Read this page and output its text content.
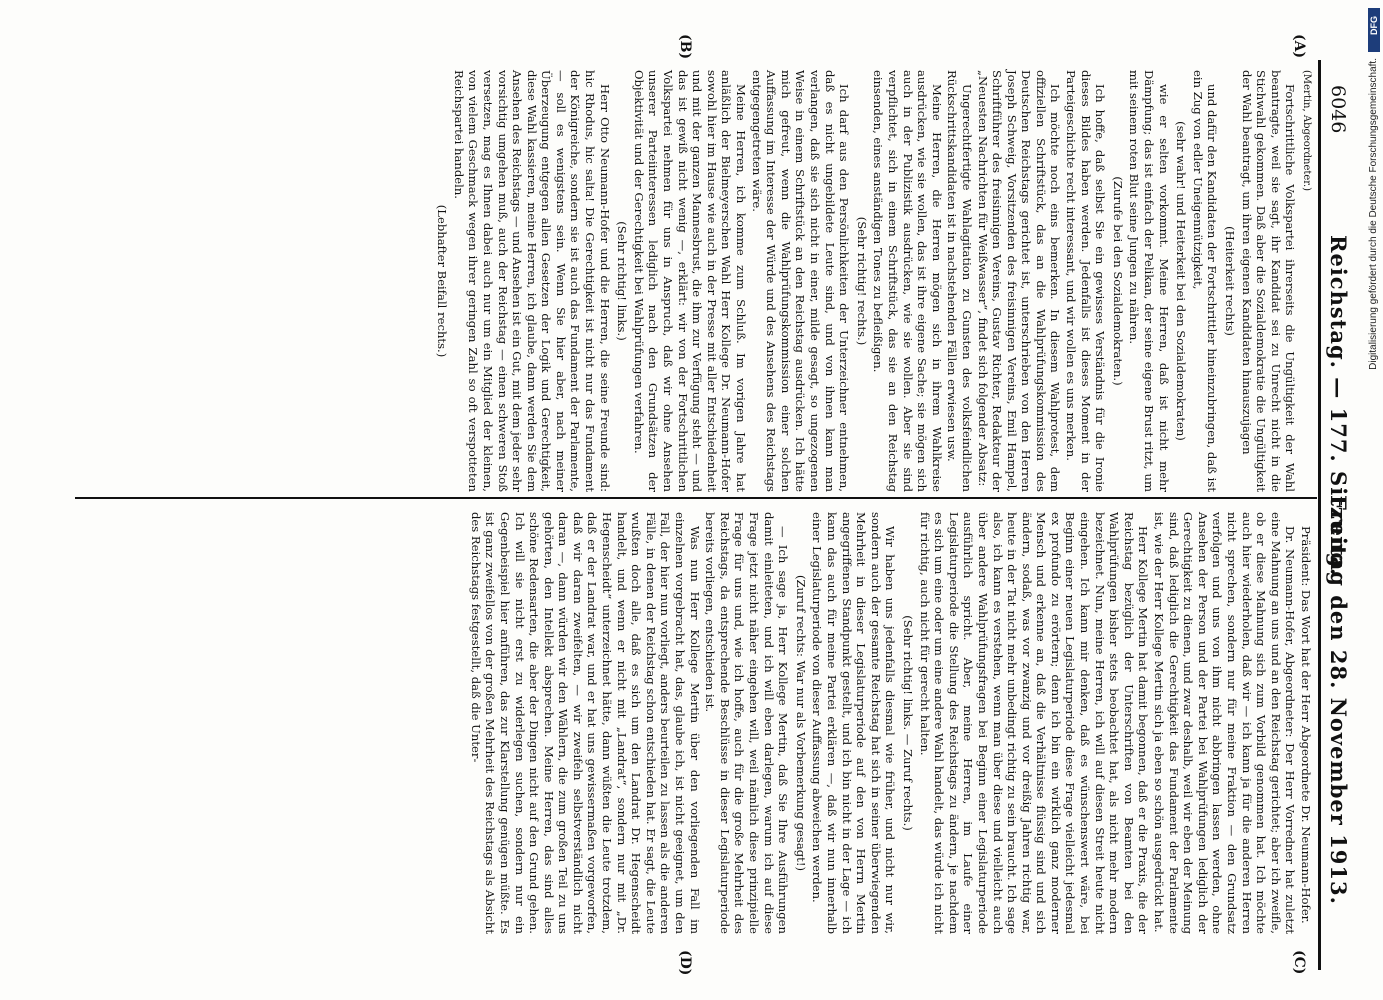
6046
Reichstag. — 177. Sitzung.
Freitag den 28. November 1913.
(A)
(B)
(C)
(D)

(Mertin, Abgeordneter.)

Fortschrittliche Volkspartei ihrerseits die Ungültigkeit der Wahl beantragte, weil sie sagt, ihr Kandidat sei zu Unrecht nicht in die Stichwahl gekommen. Daß aber die Sozialdemokratie die Ungültigkeit der Wahl beantragt, um ihren eigenen Kandidaten hinauszujagen

(Heiterkeit rechts)

und dafür den Kandidaten der Fortschrittler hineinzubringen, daß ist ein Zug von edler Uneigennützigkeit,

(sehr wahr! und Heiterkeit bei den Sozialdemokraten)

wie er selten vorkommt. Meine Herren, daß ist nicht mehr Dämpfung; das ist einfach der Pelikan, der seine eigene Brust ritzt, um mit seinem roten Blut seine Jungen zu nähren.

(Zurufe bei den Sozialdemokraten.)

Ich hoffe, daß selbst Sie ein gewisses Verständnis für die Ironie dieses Bildes haben werden. Jedenfalls ist dieses Moment in der Parteigeschichte recht interessant, und wir wollen es uns merken.

Ich möchte noch eins bemerken. In diesem Wahlprotest, dem offiziellen Schriftstück, das an die Wahlprüfungskommission des Deutschen Reichstags gerichtet ist, unterschrieben von den Herren Joseph Schweig, Vorsitzenden des freisinnigen Vereins, Emil Hampel, Schriftführer des freisinnigen Vereins, Gustav Richter, Redakteur der „Neuesten Nachrichten für Weißwasser“, findet sich folgender Absatz:

Ungerechtfertigte Wahlagitation zu Gunsten des volksfeindlichen Rückschrittskandidaten ist in nachstehenden Fällen erwiesen usw.

Meine Herren, die Herren mögen sich in ihrem Wahlkreise ausdrücken, wie sie wollen, das ist ihre eigene Sache; sie mögen sich auch in der Publizistik ausdrücken, wie sie wollen. Aber sie sind verpflichtet, sich in einem Schriftstück, das sie an den Reichstag einsenden, eines anständigen Tones zu befleißigen.

(Sehr richtig! rechts.)

Ich darf aus den Persönlichkeiten der Unterzeichner entnehmen, daß es nicht ungebildete Leute sind, und von ihnen kann man verlangen, daß sie sich nicht in einer, milde gesagt, so ungezogenen Weise in einem Schriftstück an den Reichstag ausdrücken. Ich hätte mich gefreut, wenn die Wahlprüfungskommission einer solchen Auffassung im Interesse der Würde und des Ansehens des Reichstags entgegengetreten wäre.

Meine Herren, ich komme zum Schluß. Im vorigen Jahre hat anläßlich der Bielmeyerschen Wahl Herr Kollege Dr. Neumann-Hofer sowohl hier im Hause wie auch in der Presse mit aller Entschiedenheit und mit der ganzen Mannesbrust, die ihm zur Verfügung steht — und das ist gewiß nicht wenig —, erklärt: wir von der Fortschrittlichen Volkspartei nehmen für uns in Anspruch, daß wir ohne Ansehen unserer Parteiinteressen lediglich nach den Grundsätzen der Objektivität und der Gerechtigkeit bei Wahlprüfungen verfahren.

(Sehr richtig! links.)

Herr Otto Neumann-Hofer und die Herren, die seine Freunde sind: hic Rhodus, hic salta! Die Gerechtigkeit ist nicht nur das Fundament der Königreiche, sondern sie ist auch das Fundament der Parlamente, — soll es wenigstens sein. Wenn Sie hier aber, nach meiner Überzeugung entgegen allen Gesetzen der Logik und Gerechtigkeit, diese Wahl kassieren, meine Herren, ich glaube, dann werden Sie dem Ansehen des Reichstags — und Ansehen ist ein Gut, mit dem jeder sehr vorsichtig umgehen muß, auch der Reichstag — einen schweren Stoß versetzen, mag es Ihnen dabei auch nur um ein Mitglied der kleinen, von vielem Geschmack wegen ihrer geringen Zahl so oft verspotteten Reichspartei handeln.

(Lebhafter Beifall rechts.)

Präsident: Das Wort hat der Herr Abgeordnete Dr. Neumann-Hofer.

Dr. Neumann-Hofer, Abgeordneter: Der Herr Vorredner hat zuletzt eine Mahnung an uns und an den Reichstag gerichtet; aber ich zweifle, ob er diese Mahnung sich zum Vorbild genommen hat. Ich möchte auch hier wiederholen, daß wir — ich kann ja für die anderen Herren nicht sprechen, sondern nur für meine Fraktion — den Grundsatz verfolgen und uns von ihm nicht abbringen lassen werden, ohne Ansehen der Person und der Partei bei Wahlprüfungen lediglich der Gerechtigkeit zu dienen, und zwar deshalb, weil wir eben der Meinung sind, daß lediglich die Gerechtigkeit das Fundament der Parlamente ist, wie der Herr Kollege Mertin sich ja eben so schön ausgedrückt hat.

Herr Kollege Mertin hat damit begonnen, daß er die Praxis, die der Reichstag bezüglich der Unterschriften von Beamten bei den Wahlprüfungen bisher stets beobachtet hat, als nicht mehr modern bezeichnet. Nun, meine Herren, ich will auf diesen Streit heute nicht eingehen. Ich kann mir denken, daß es wünschenswert wäre, bei Beginn einer neuen Legislaturperiode diese Frage vielleicht jedesmal ex profundo zu erörtern; denn ich bin ein wirklich ganz moderner Mensch und erkenne an, daß die Verhältnisse flüssig sind und sich ändern, sodaß, was vor zwanzig und vor dreißig Jahren richtig war, heute in der Tat nicht mehr unbedingt richtig zu sein braucht. Ich sage also, ich kann es verstehen, wenn man über diese und vielleicht auch über andere Wahlprüfungsfragen bei Beginn einer Legislaturperiode ausführlich spricht. Aber, meine Herren, im Laufe einer Legislaturperiode die Stellung des Reichstags zu ändern, je nachdem es sich um eine oder um eine andere Wahl handelt, das würde ich nicht für richtig, auch nicht für gerecht halten.

(Sehr richtig! links. — Zuruf rechts.)

Wir haben uns jedenfalls diesmal wie früher, und nicht nur wir, sondern auch der gesamte Reichstag hat sich in seiner überwiegenden Mehrheit in dieser Legislaturperiode auf den von Herrn Mertin angegriffenen Standpunkt gestellt, und ich bin nicht in der Lage — ich kann das auch für meine Partei erklären —, daß wir nun innerhalb einer Legislaturperiode von dieser Auffassung abweichen werden.

(Zuruf rechts: War nur als Vorbemerkung gesagt!)

— Ich sage ja, Herr Kollege Mertin, daß Sie Ihre Ausführungen damit einleiteten, und ich will eben darlegen, warum ich auf diese Frage jetzt nicht näher eingehen will, weil nämlich diese prinzipielle Frage für uns und, wie ich hoffe, auch für die große Mehrheit des Reichstags, da entsprechende Beschlüsse in dieser Legislaturperiode bereits vorliegen, entschieden ist.

Was nun Herr Kollege Mertin über den vorliegenden Fall im einzelnen vorgebracht hat, das, glaube ich, ist nicht geeignet, um den Fall, der hier nun vorliegt, anders beurteilen zu lassen als die anderen Fälle, in denen der Reichstag schon entschieden hat. Er sagt, die Leute wußten doch alle, daß es sich um den Landrat Dr. Hegenscheidt handelt, und wenn er nicht mit „Landrat“, sondern nur mit „Dr. Hegenscheidt“ unterzeichnet hätte, dann wüßten die Leute trotzdem, daß er der Landrat war, und er hat uns gewissermaßen vorgeworfen, daß wir daran zweifelten, — wir zweifeln selbstverständlich nicht daran —, dann würden wir den Wählern, die zum großen Teil zu uns gehörten, den Intellekt absprechen. Meine Herren, das sind alles schöne Redensarten, die aber der Dingen nicht auf den Grund gehen. Ich will sie nicht erst zu widerlegen suchen, sondern nur ein Gegenbeispiel hier anführen, das zur Klarstellung genügen müßte. Es ist ganz zweifellos von der großen Mehrheit des Reichstags als Absicht des Reichstags festgestellt, daß die Unter-

DFG
Digitalisierung gefördert durch die Deutsche Forschungsgemeinschaft.
